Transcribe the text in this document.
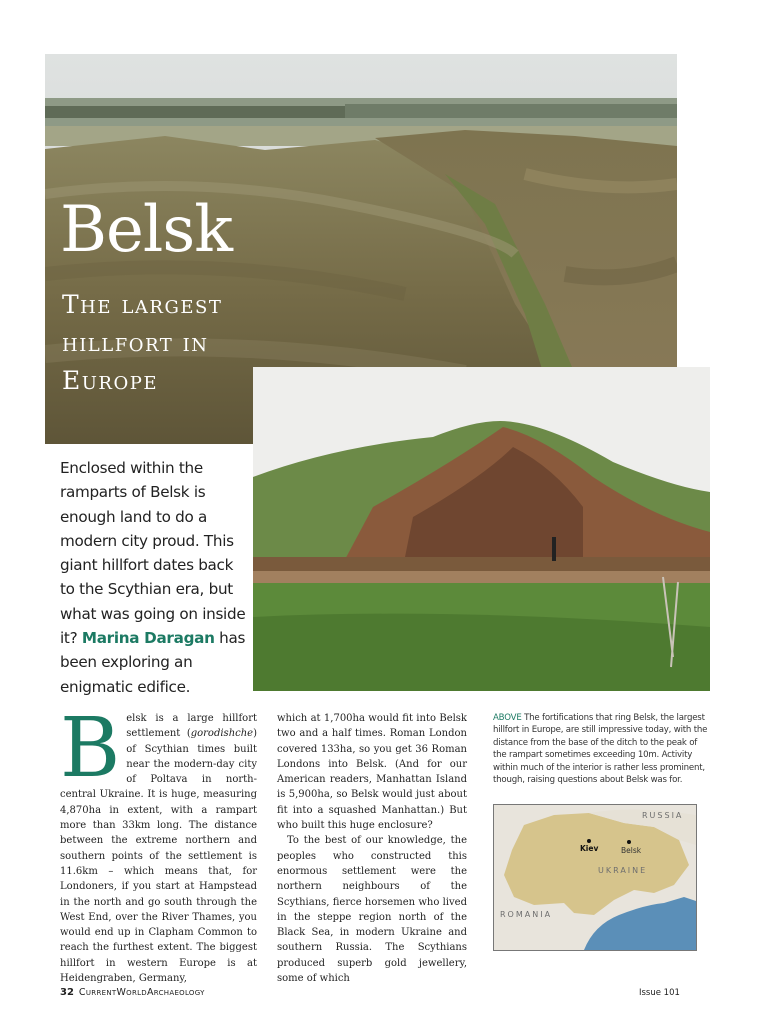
Belsk
The largest hillfort in Europe
Enclosed within the ramparts of Belsk is enough land to do a modern city proud. This giant hillfort dates back to the Scythian era, but what was going on inside it? Marina Daragan has been exploring an enigmatic edifice.
Belsk is a large hillfort settlement (gorodishche) of Scythian times built near the modern-day city of Poltava in north-central Ukraine. It is huge, measuring 4,870ha in extent, with a rampart more than 33km long. The distance between the extreme northern and southern points of the settlement is 11.6km – which means that, for Londoners, if you start at Hampstead in the north and go south through the West End, over the River Thames, you would end up in Clapham Common to reach the furthest extent. The biggest hillfort in western Europe is at Heidengraben, Germany,
which at 1,700ha would fit into Belsk two and a half times. Roman London covered 133ha, so you get 36 Roman Londons into Belsk. (And for our American readers, Manhattan Island is 5,900ha, so Belsk would just about fit into a squashed Manhattan.) But who built this huge enclosure?
To the best of our knowledge, the peoples who constructed this enormous settlement were the northern neighbours of the Scythians, fierce horsemen who lived in the steppe region north of the Black Sea, in modern Ukraine and southern Russia. The Scythians produced superb gold jewellery, some of which
ABOVE The fortifications that ring Belsk, the largest hillfort in Europe, are still impressive today, with the distance from the base of the ditch to the peak of the rampart sometimes exceeding 10m. Activity within much of the interior is rather less prominent, though, raising questions about Belsk was for.
RUSSIA
UKRAINE
ROMANIA
Kiev	Belsk
32 CurrentWorldArchaeology	Issue 101
